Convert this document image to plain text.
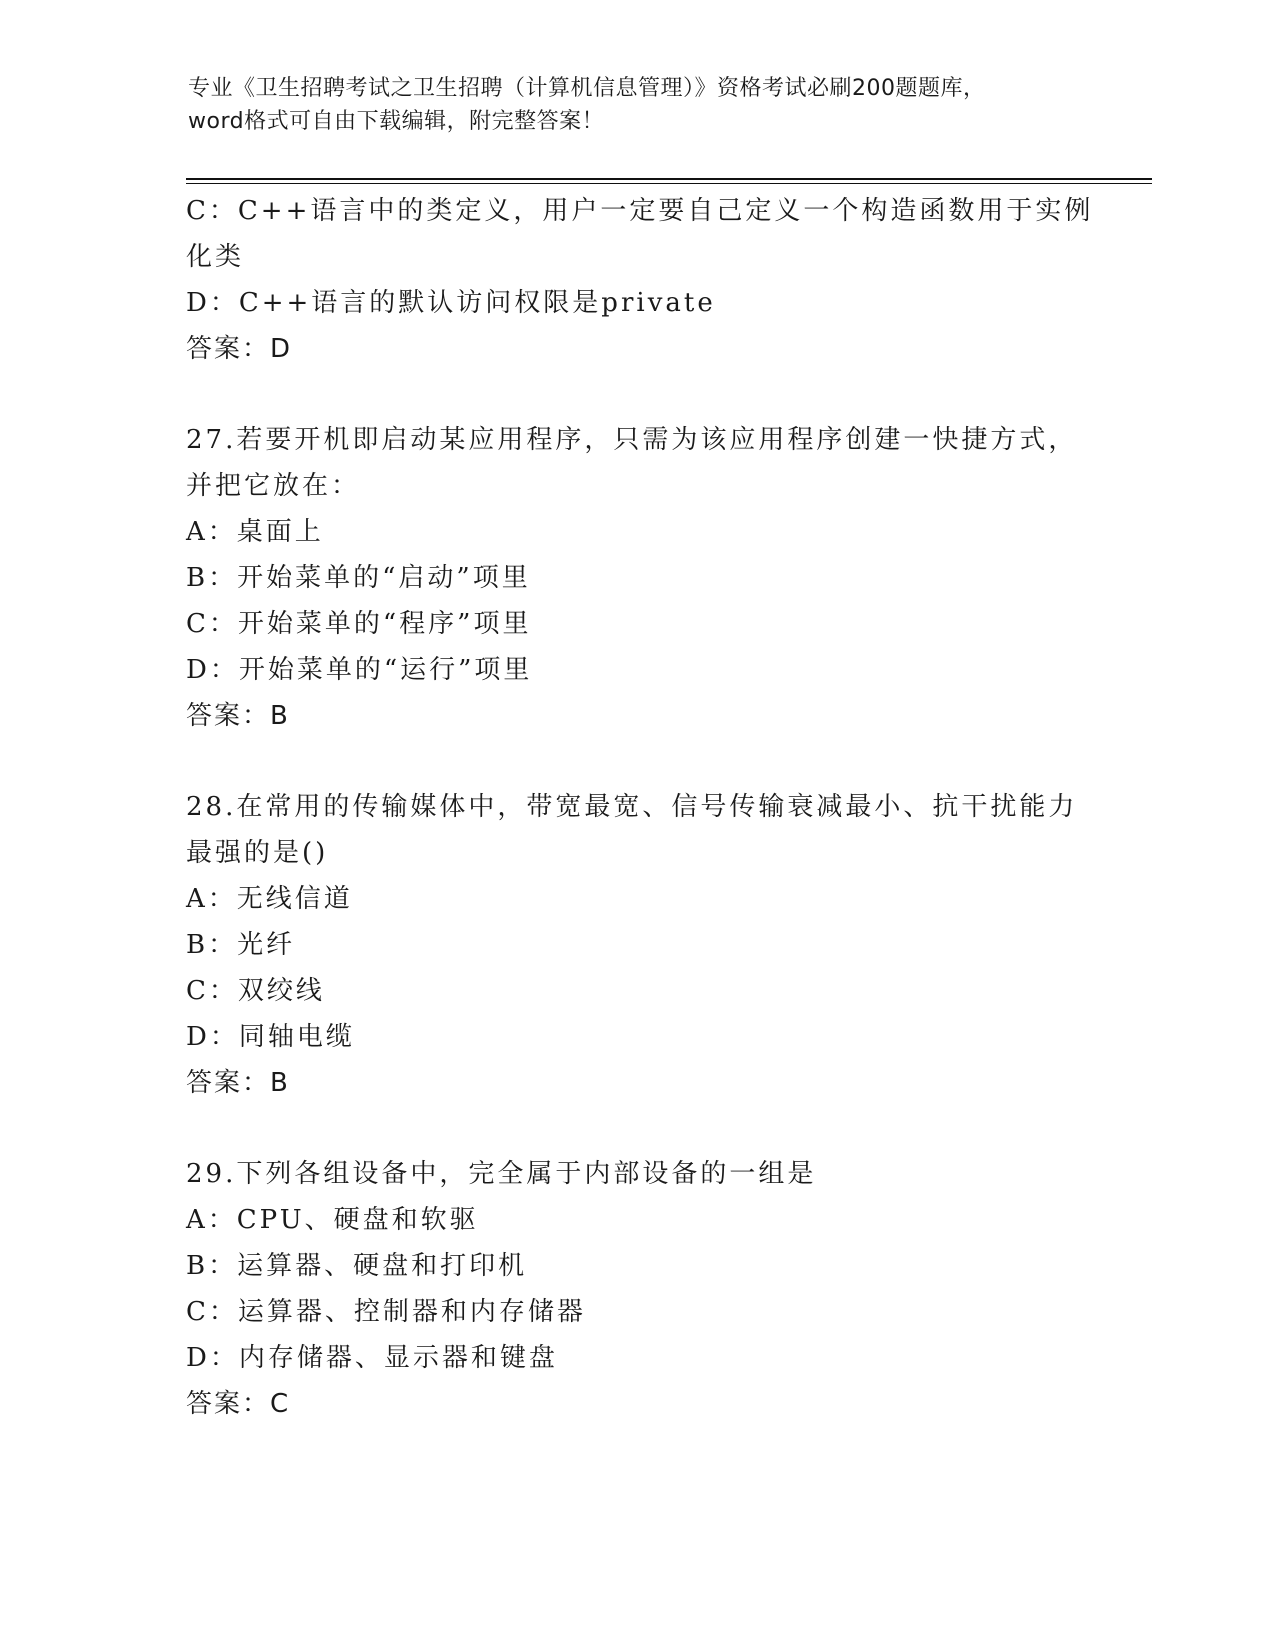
专业《卫生招聘考试之卫生招聘（计算机信息管理）》资格考试必刷200题题库，
word格式可自由下载编辑，附完整答案！
C：C++语言中的类定义，用户一定要自己定义一个构造函数用于实例
化类
D：C++语言的默认访问权限是private
答案：D
27.若要开机即启动某应用程序，只需为该应用程序创建一快捷方式，
并把它放在：
A：桌面上
B：开始菜单的“启动”项里
C：开始菜单的“程序”项里
D：开始菜单的“运行”项里
答案：B
28.在常用的传输媒体中，带宽最宽、信号传输衰减最小、抗干扰能力
最强的是()
A：无线信道
B：光纤
C：双绞线
D：同轴电缆
答案：B
29.下列各组设备中，完全属于内部设备的一组是
A：CPU、硬盘和软驱
B：运算器、硬盘和打印机
C：运算器、控制器和内存储器
D：内存储器、显示器和键盘
答案：C
